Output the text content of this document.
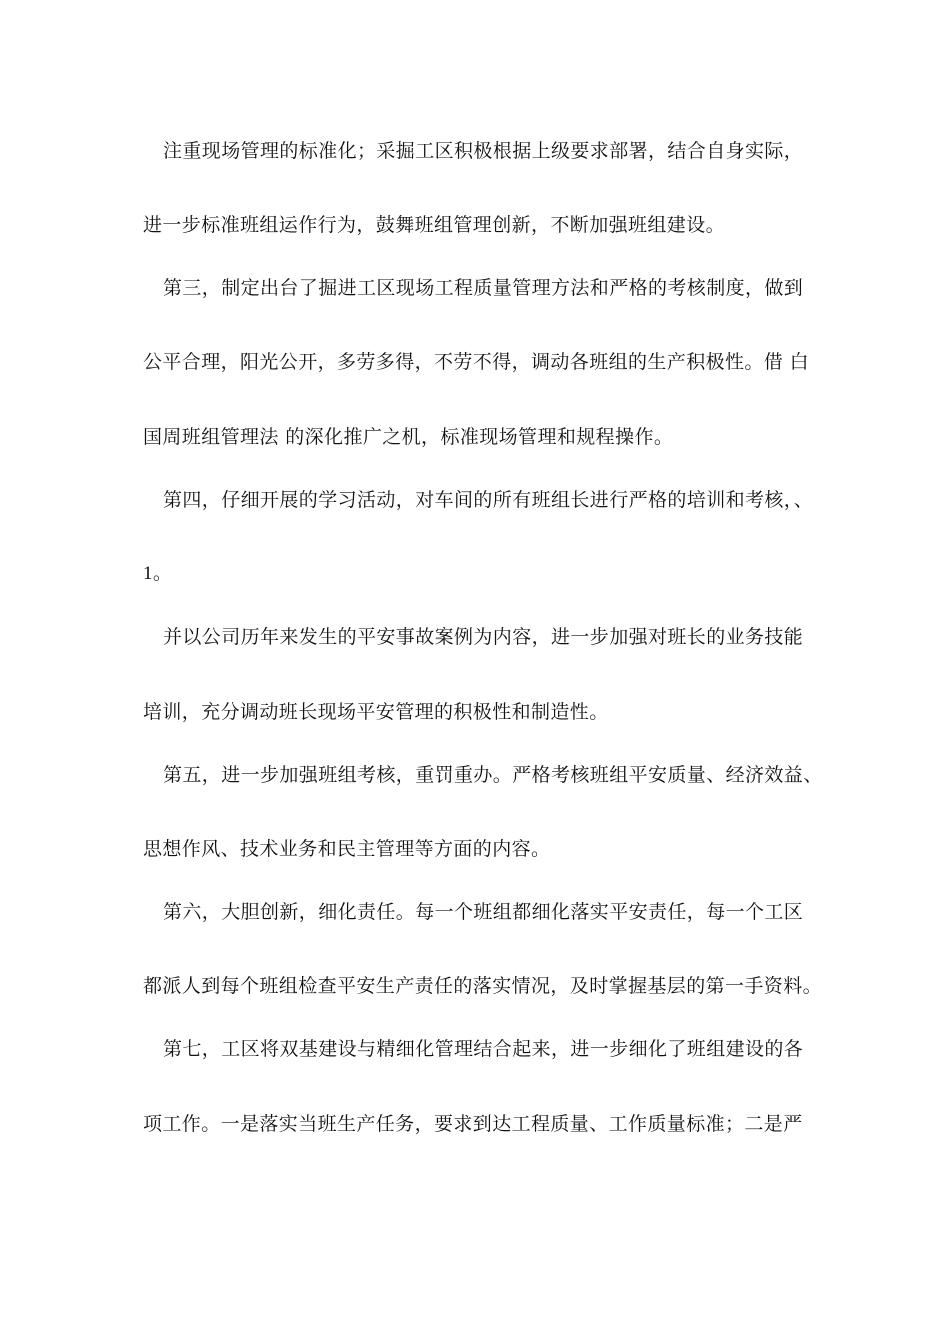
注重现场管理的标准化；采掘工区积极根据上级要求部署，结合自身实际，
进一步标准班组运作行为，鼓舞班组管理创新，不断加强班组建设。
第三，制定出台了掘进工区现场工程质量管理方法和严格的考核制度，做到
公平合理，阳光公开，多劳多得，不劳不得，调动各班组的生产积极性。借 白
国周班组管理法 的深化推广之机，标准现场管理和规程操作。
第四，仔细开展的学习活动，对车间的所有班组长进行严格的培训和考核，、
1。
并以公司历年来发生的平安事故案例为内容，进一步加强对班长的业务技能
培训，充分调动班长现场平安管理的积极性和制造性。
第五，进一步加强班组考核，重罚重办。严格考核班组平安质量、经济效益、
思想作风、技术业务和民主管理等方面的内容。
第六，大胆创新，细化责任。每一个班组都细化落实平安责任，每一个工区
都派人到每个班组检查平安生产责任的落实情况，及时掌握基层的第一手资料。
第七，工区将双基建设与精细化管理结合起来，进一步细化了班组建设的各
项工作。一是落实当班生产任务，要求到达工程质量、工作质量标准；二是严
